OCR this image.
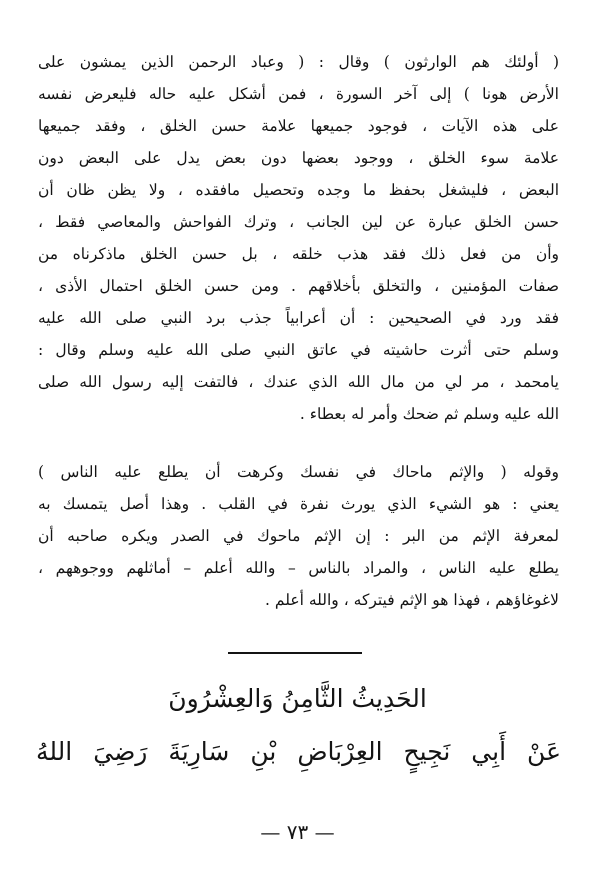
( أولئك هم الوارثون ) وقال : ( وعباد الرحمن الذين يمشون على
الأرض هونا ) إلى آخر السورة ، فمن أشكل عليه حاله فليعرض نفسه
على هذه الآيات ، فوجود جميعها علامة حسن الخلق ، وفقد جميعها
علامة سوء الخلق ، ووجود بعضها دون بعض يدل على البعض دون
البعض ، فليشغل بحفظ ما وجده وتحصيل مافقده ، ولا يظن ظان أن
حسن الخلق عبارة عن لين الجانب ، وترك الفواحش والمعاصي فقط ،
وأن من فعل ذلك فقد هذب خلقه ، بل حسن الخلق ماذكرناه من
صفات المؤمنين ، والتخلق بأخلاقهم . ومن حسن الخلق احتمال الأذى ،
فقد ورد في الصحيحين : أن أعرابياً جذب برد النبي صلى الله عليه
وسلم حتى أثرت حاشيته في عاتق النبي صلى الله عليه وسلم وقال :
يامحمد ، مر لي من مال الله الذي عندك ، فالتفت إليه رسول الله صلى
الله عليه وسلم ثم ضحك وأمر له بعطاء .
وقوله ( والإثم ماحاك في نفسك وكرهت أن يطلع عليه الناس )
يعني : هو الشيء الذي يورث نفرة في القلب . وهذا أصل يتمسك به
لمعرفة الإثم من البر : إن الإثم ماحوك في الصدر ويكره صاحبه أن
يطلع عليه الناس ، والمراد بالناس – والله أعلم – أماثلهم ووجوههم ،
لاغوغاؤهم ، فهذا هو الإثم فيتركه ، والله أعلم .
الحَدِيثُ الثَّامِنُ وَالعِشْرُونَ
عَنْ أَبِي نَجِيحٍ العِرْبَاضِ بْنِ سَارِيَةَ رَضِيَ اللهُ
— ٧٣ —
